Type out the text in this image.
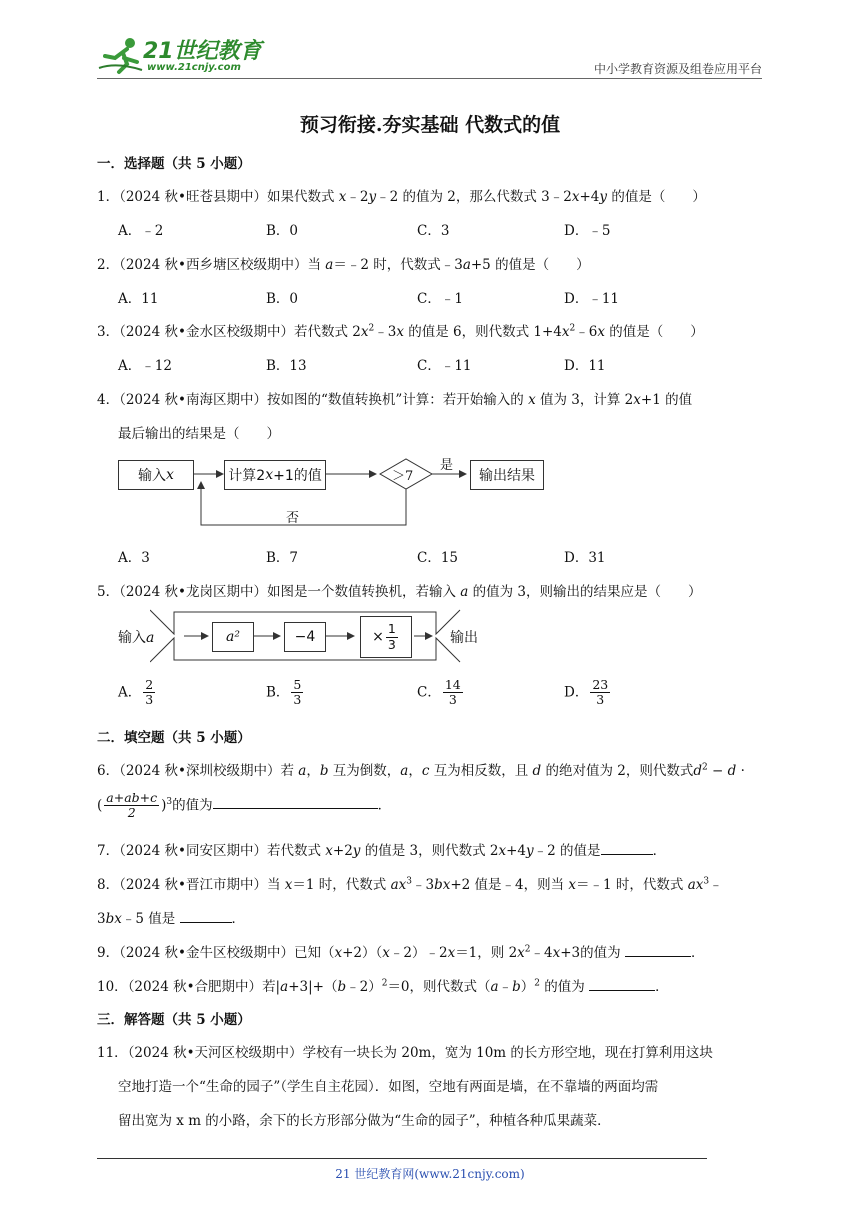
21世纪教育
www.21cnjy.com	中小学教育资源及组卷应用平台
预习衔接.夯实基础 代数式的值
一．选择题（共 5 小题）
1．（2024 秋•旺苍县期中）如果代数式 x﹣2y﹣2 的值为 2，那么代数式 3﹣2x+4y 的值是（　　）
A．﹣2	B．0	C．3	D．﹣5
2．（2024 秋•西乡塘区校级期中）当 a＝﹣2 时，代数式﹣3a+5 的值是（　　）
A．11	B．0	C．﹣1	D．﹣11
3．（2024 秋•金水区校级期中）若代数式 $2x^2﹣3x$ 的值是 6，则代数式 $1+4x^2﹣6x$ 的值是（　　）
A．﹣12	B．13	C．﹣11	D．11
4．（2024 秋•南海区期中）按如图的“数值转换机”计算：若开始输入的 x 值为 3，计算 2x+1 的值
最后输出的结果是（　　）
输入 x	计算2 x +1的值	＞7
是
否
输出结果
A．3	B．7	C．15	D．31
5．（2024 秋•龙岗区期中）如图是一个数值转换机，若输入 a 的值为 3，则输出的结果应是（　　）
输入a	a²	−4	× $\frac{1}{3}$	输出
A． $\frac{2}{3}$	B． $\frac{5}{3}$	C． $\frac{14}{3}$	D． $\frac{23}{3}$
二．填空题（共 5 小题）
6．（2024 秋•深圳校级期中）若 a，b 互为倒数，a，c 互为相反数，且 d 的绝对值为 2，则代数式$d^2 - d$ ·
( $\frac{a+ab+c}{2} )^3$的值为	．
7．（2024 秋•同安区期中）若代数式 x+2y 的值是 3，则代数式 2x+4y﹣2 的值是	．
8．（2024 秋•晋江市期中）当 x＝1 时，代数式 $ax^3﹣3bx+2$ 值是﹣4，则当 x＝﹣1 时，代数式 $ax^3﹣$
3bx﹣5 值是	．
9．（2024 秋•金牛区校级期中）已知（x+2）（x﹣2）﹣2x＝1，则 $2x^2﹣4x+3$的值为	．
10．（2024 秋•合肥期中）若|a+3|+（b﹣2）$^2$＝0，则代数式（a﹣b）$^2$ 的值为	．
三．解答题（共 5 小题）
11．（2024 秋•天河区校级期中）学校有一块长为 20m，宽为 10m 的长方形空地，现在打算利用这块
空地打造一个“生命的园子”（学生自主花园）．如图，空地有两面是墙，在不靠墙的两面均需
留出宽为 x m 的小路，余下的长方形部分做为“生命的园子”，种植各种瓜果蔬菜．
21 世纪教育网(www.21cnjy.com)
